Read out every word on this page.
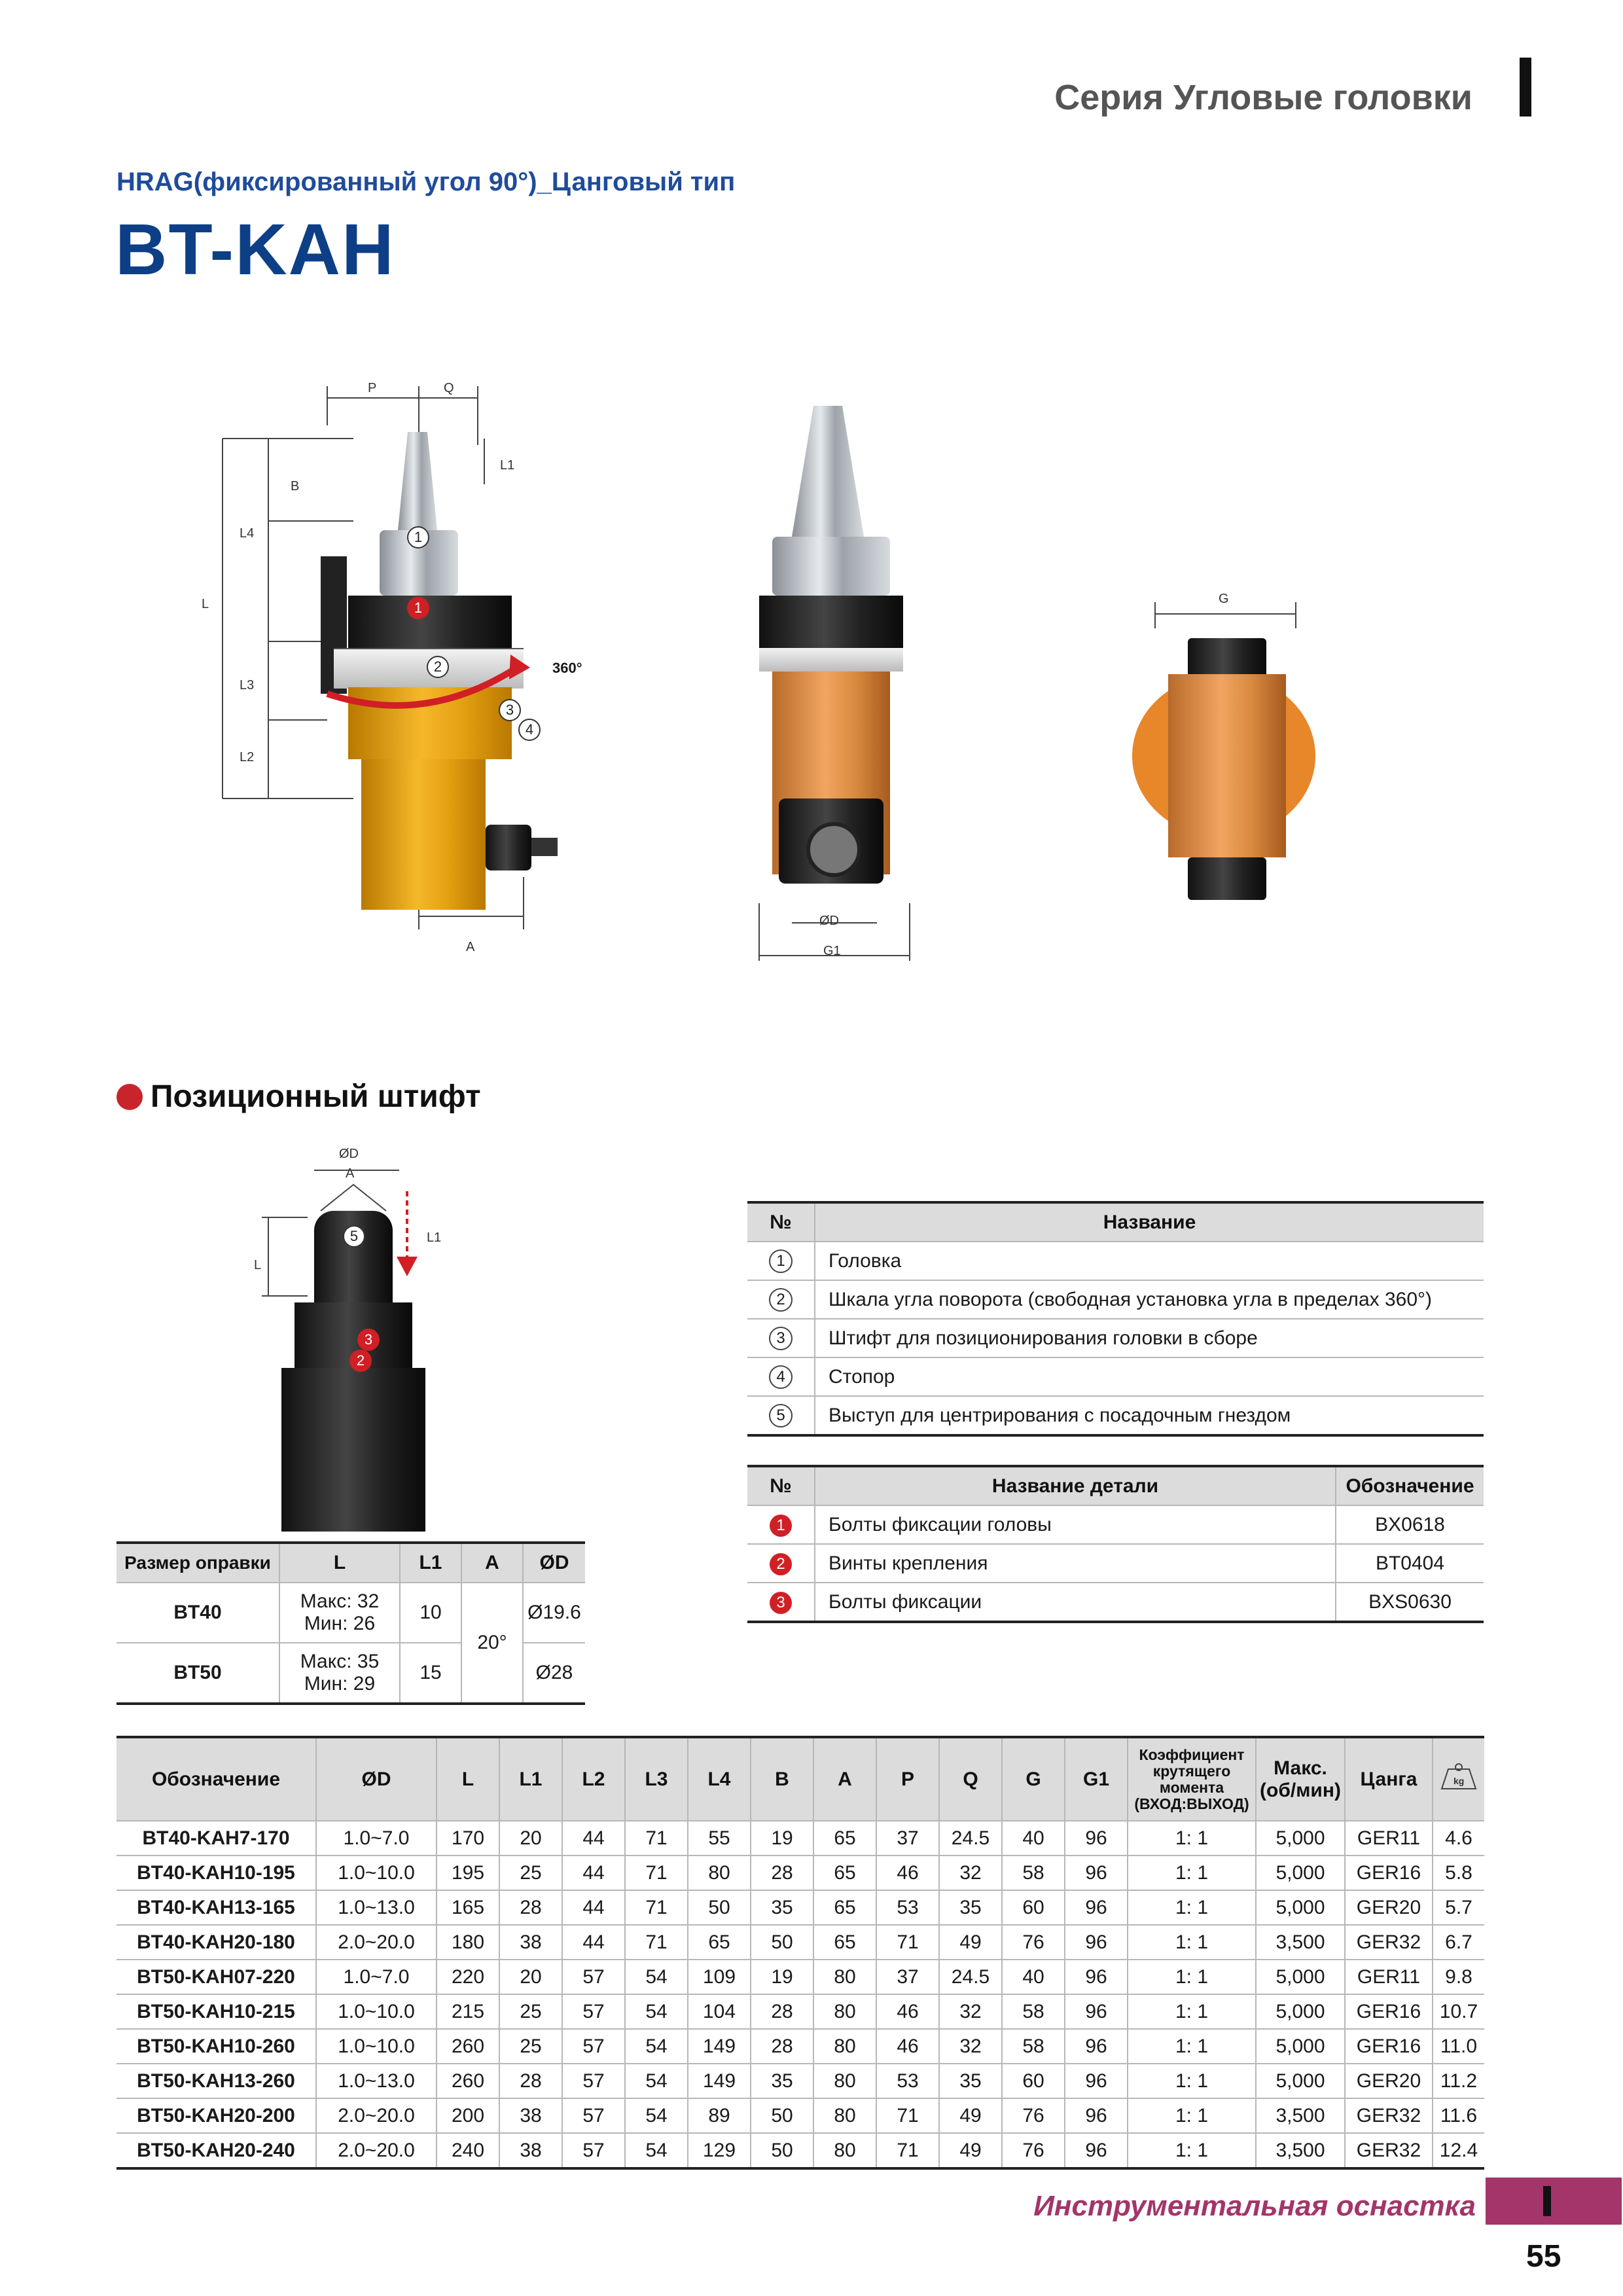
Серия Угловые головки
HRAG(фиксированный угол 90°)_Цанговый тип
BT-KAH
P	Q
L1
B
L4
L
L3
L2
A
360°
1
1
2
3
4
ØD
G1
G
Позиционный штифт
ØD
A
L1
L
5
3
2
№	Название
1	Головка
2	Шкала угла поворота (свободная установка угла в пределах 360°)
3	Штифт для позиционирования головки в сборе
4	Стопор
5	Выступ для центрирования с посадочным гнездом
№	Название детали	Обозначение
1	Болты фиксации головы	BX0618
2	Винты крепления	BT0404
3	Болты фиксации	BXS0630
Размер оправки	L	L1	A	ØD
BT40	Макс: 32
Мин: 26	10	20°	Ø19.6
BT50	Макс: 35
Мин: 29	15		Ø28
Обозначение	ØD	L	L1	L2	L3	L4	B	A	P	Q	G	G1	Коэффициент крутящего момента (ВХОД:ВЫХОД)	Макс. (об/мин)	Цанга	kg

BT40-KAH7-170	1.0~7.0	170	20	44	71	55	19	65	37	24.5	40	96	1: 1	5,000	GER11	4.6
BT40-KAH10-195	1.0~10.0	195	25	44	71	80	28	65	46	32	58	96	1: 1	5,000	GER16	5.8
BT40-KAH13-165	1.0~13.0	165	28	44	71	50	35	65	53	35	60	96	1: 1	5,000	GER20	5.7
BT40-KAH20-180	2.0~20.0	180	38	44	71	65	50	65	71	49	76	96	1: 1	3,500	GER32	6.7
BT50-KAH07-220	1.0~7.0	220	20	57	54	109	19	80	37	24.5	40	96	1: 1	5,000	GER11	9.8
BT50-KAH10-215	1.0~10.0	215	25	57	54	104	28	80	46	32	58	96	1: 1	5,000	GER16	10.7
BT50-KAH10-260	1.0~10.0	260	25	57	54	149	28	80	46	32	58	96	1: 1	5,000	GER16	11.0
BT50-KAH13-260	1.0~13.0	260	28	57	54	149	35	80	53	35	60	96	1: 1	5,000	GER20	11.2
BT50-KAH20-200	2.0~20.0	200	38	57	54	89	50	80	71	49	76	96	1: 1	3,500	GER32	11.6
BT50-KAH20-240	2.0~20.0	240	38	57	54	129	50	80	71	49	76	96	1: 1	3,500	GER32	12.4
Инструментальная оснастка
55
